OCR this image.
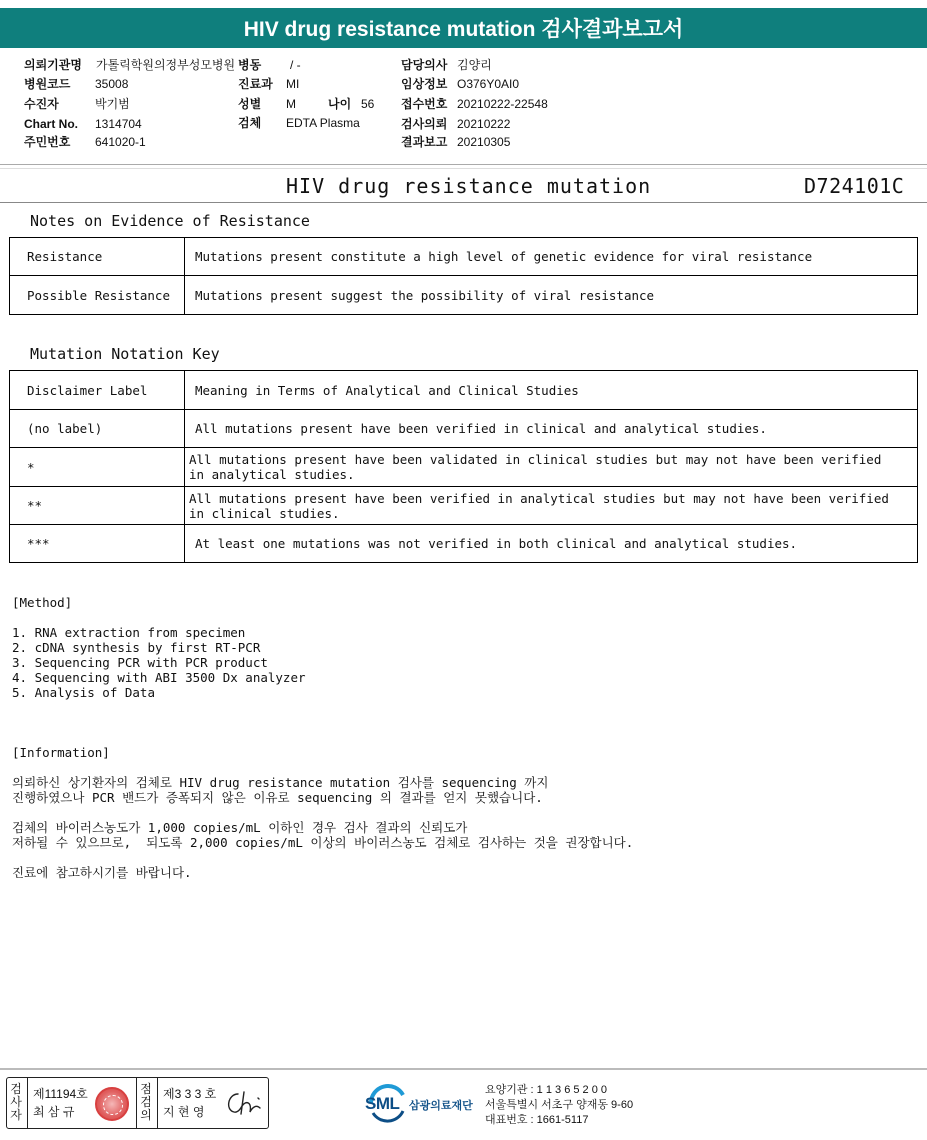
HIV drug resistance mutation 검사결과보고서
의뢰기관명 가톨릭학원의정부성모병원 병동 / -	담당의사 김양리
병원코드 35008	진료과 MI	임상정보 O376Y0AI0
수진자	박기범	성별 M	나이 56 접수번호 20210222-22548
Chart No. 1314704	검체 EDTA Plasma	검사의뢰 20210222
주민번호 641020-1	결과보고 20210305
HIV drug resistance mutation	D724101C
Notes on Evidence of Resistance
Resistance	Mutations present constitute a high level of genetic evidence for viral resistance
Possible Resistance	Mutations present suggest the possibility of viral resistance
Mutation Notation Key
Disclaimer Label	Meaning in Terms of Analytical and Clinical Studies
(no label)	All mutations present have been verified in clinical and analytical studies.
*	All mutations present have been validated in clinical studies but may not have been verified in analytical studies.
**	All mutations present have been verified in analytical studies but may not have been verified in clinical studies.
***	At least one mutations was not verified in both clinical and analytical studies.
[Method]
1. RNA extraction from specimen
2. cDNA synthesis by first RT-PCR
3. Sequencing PCR with PCR product
4. Sequencing with ABI 3500 Dx analyzer
5. Analysis of Data
[Information]
의뢰하신 상기환자의 검체로 HIV drug resistance mutation 검사를 sequencing 까지
진행하였으나 PCR 밴드가 증폭되지 않은 이유로 sequencing 의 결과를 얻지 못했습니다.
검체의 바이러스농도가 1,000 copies/mL 이하인 경우 검사 결과의 신뢰도가
저하될 수 있으므로,  되도록 2,000 copies/mL 이상의 바이러스농도 검체로 검사하는 것을 권장합니다.
진료에 참고하시기를 바랍니다.
검
사
자
제11194호
최 삼 규
점
검
의
제3 3 3 호
지 현 영	SML 삼광의료재단
요양기관 : 1 1 3 6 5 2 0 0
서울특별시 서초구 양재동 9-60
대표번호 : 1661-5117
